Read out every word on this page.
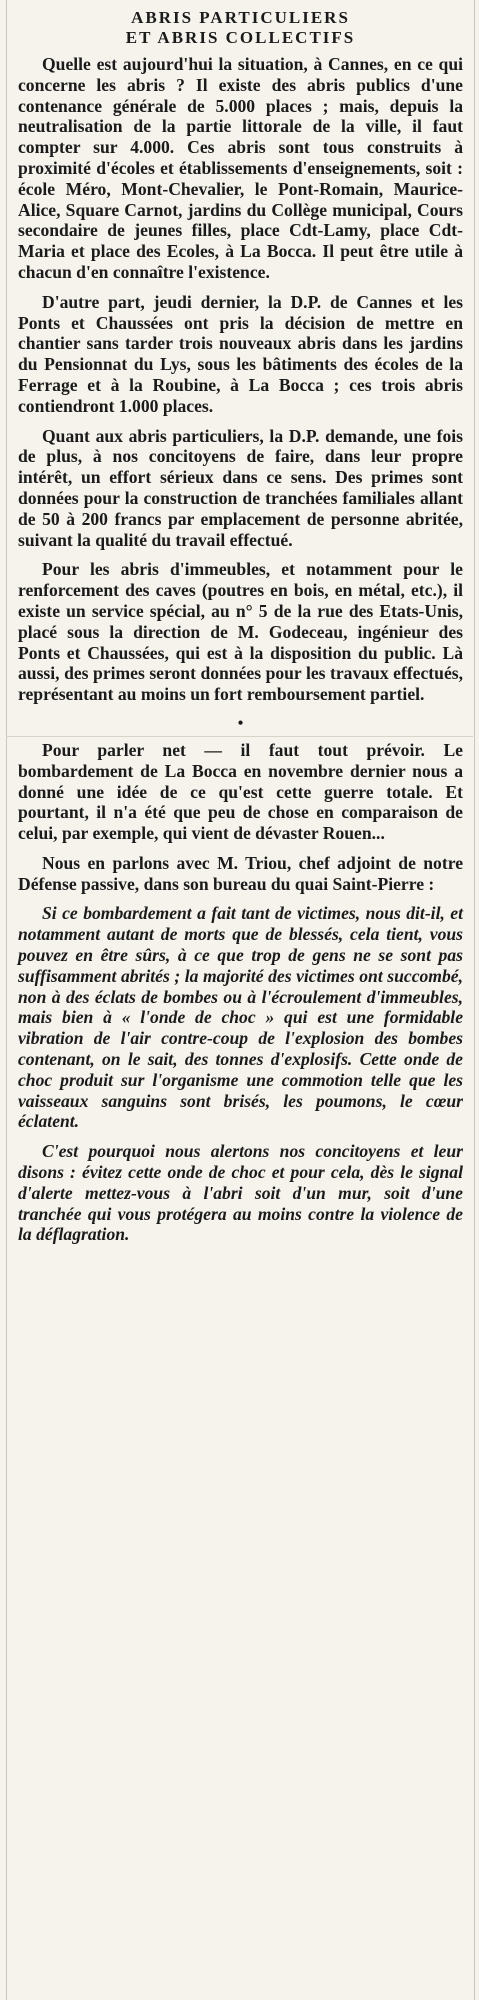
ABRIS PARTICULIERS
ET ABRIS COLLECTIFS

Quelle est aujourd'hui la situation, à Cannes, en ce qui concerne les abris ? Il existe des abris publics d'une contenance générale de 5.000 places ; mais, depuis la neutralisation de la partie littorale de la ville, il faut compter sur 4.000. Ces abris sont tous construits à proximité d'écoles et établissements d'enseignements, soit : école Méro, Mont-Chevalier, le Pont-Romain, Maurice-Alice, Square Carnot, jardins du Collège municipal, Cours secondaire de jeunes filles, place Cdt-Lamy, place Cdt-Maria et place des Ecoles, à La Bocca. Il peut être utile à chacun d'en connaître l'existence.

D'autre part, jeudi dernier, la D.P. de Cannes et les Ponts et Chaussées ont pris la décision de mettre en chantier sans tarder trois nouveaux abris dans les jardins du Pensionnat du Lys, sous les bâtiments des écoles de la Ferrage et à la Roubine, à La Bocca ; ces trois abris contiendront 1.000 places.

Quant aux abris particuliers, la D.P. demande, une fois de plus, à nos concitoyens de faire, dans leur propre intérêt, un effort sérieux dans ce sens. Des primes sont données pour la construction de tranchées familiales allant de 50 à 200 francs par emplacement de personne abritée, suivant la qualité du travail effectué.

Pour les abris d'immeubles, et notamment pour le renforcement des caves (poutres en bois, en métal, etc.), il existe un service spécial, au n° 5 de la rue des Etats-Unis, placé sous la direction de M. Godeceau, ingénieur des Ponts et Chaussées, qui est à la disposition du public. Là aussi, des primes seront données pour les travaux effectués, représentant au moins un fort remboursement partiel.

•

Pour parler net — il faut tout prévoir. Le bombardement de La Bocca en novembre dernier nous a donné une idée de ce qu'est cette guerre totale. Et pourtant, il n'a été que peu de chose en comparaison de celui, par exemple, qui vient de dévaster Rouen...

Nous en parlons avec M. Triou, chef adjoint de notre Défense passive, dans son bureau du quai Saint-Pierre :

Si ce bombardement a fait tant de victimes, nous dit-il, et notamment autant de morts que de blessés, cela tient, vous pouvez en être sûrs, à ce que trop de gens ne se sont pas suffisamment abrités ; la majorité des victimes ont succombé, non à des éclats de bombes ou à l'écroulement d'immeubles, mais bien à « l'onde de choc » qui est une formidable vibration de l'air contre-coup de l'explosion des bombes contenant, on le sait, des tonnes d'explosifs. Cette onde de choc produit sur l'organisme une commotion telle que les vaisseaux sanguins sont brisés, les poumons, le cœur éclatent.

C'est pourquoi nous alertons nos concitoyens et leur disons : évitez cette onde de choc et pour cela, dès le signal d'alerte mettez-vous à l'abri soit d'un mur, soit d'une tranchée qui vous protégera au moins contre la violence de la déflagration.
